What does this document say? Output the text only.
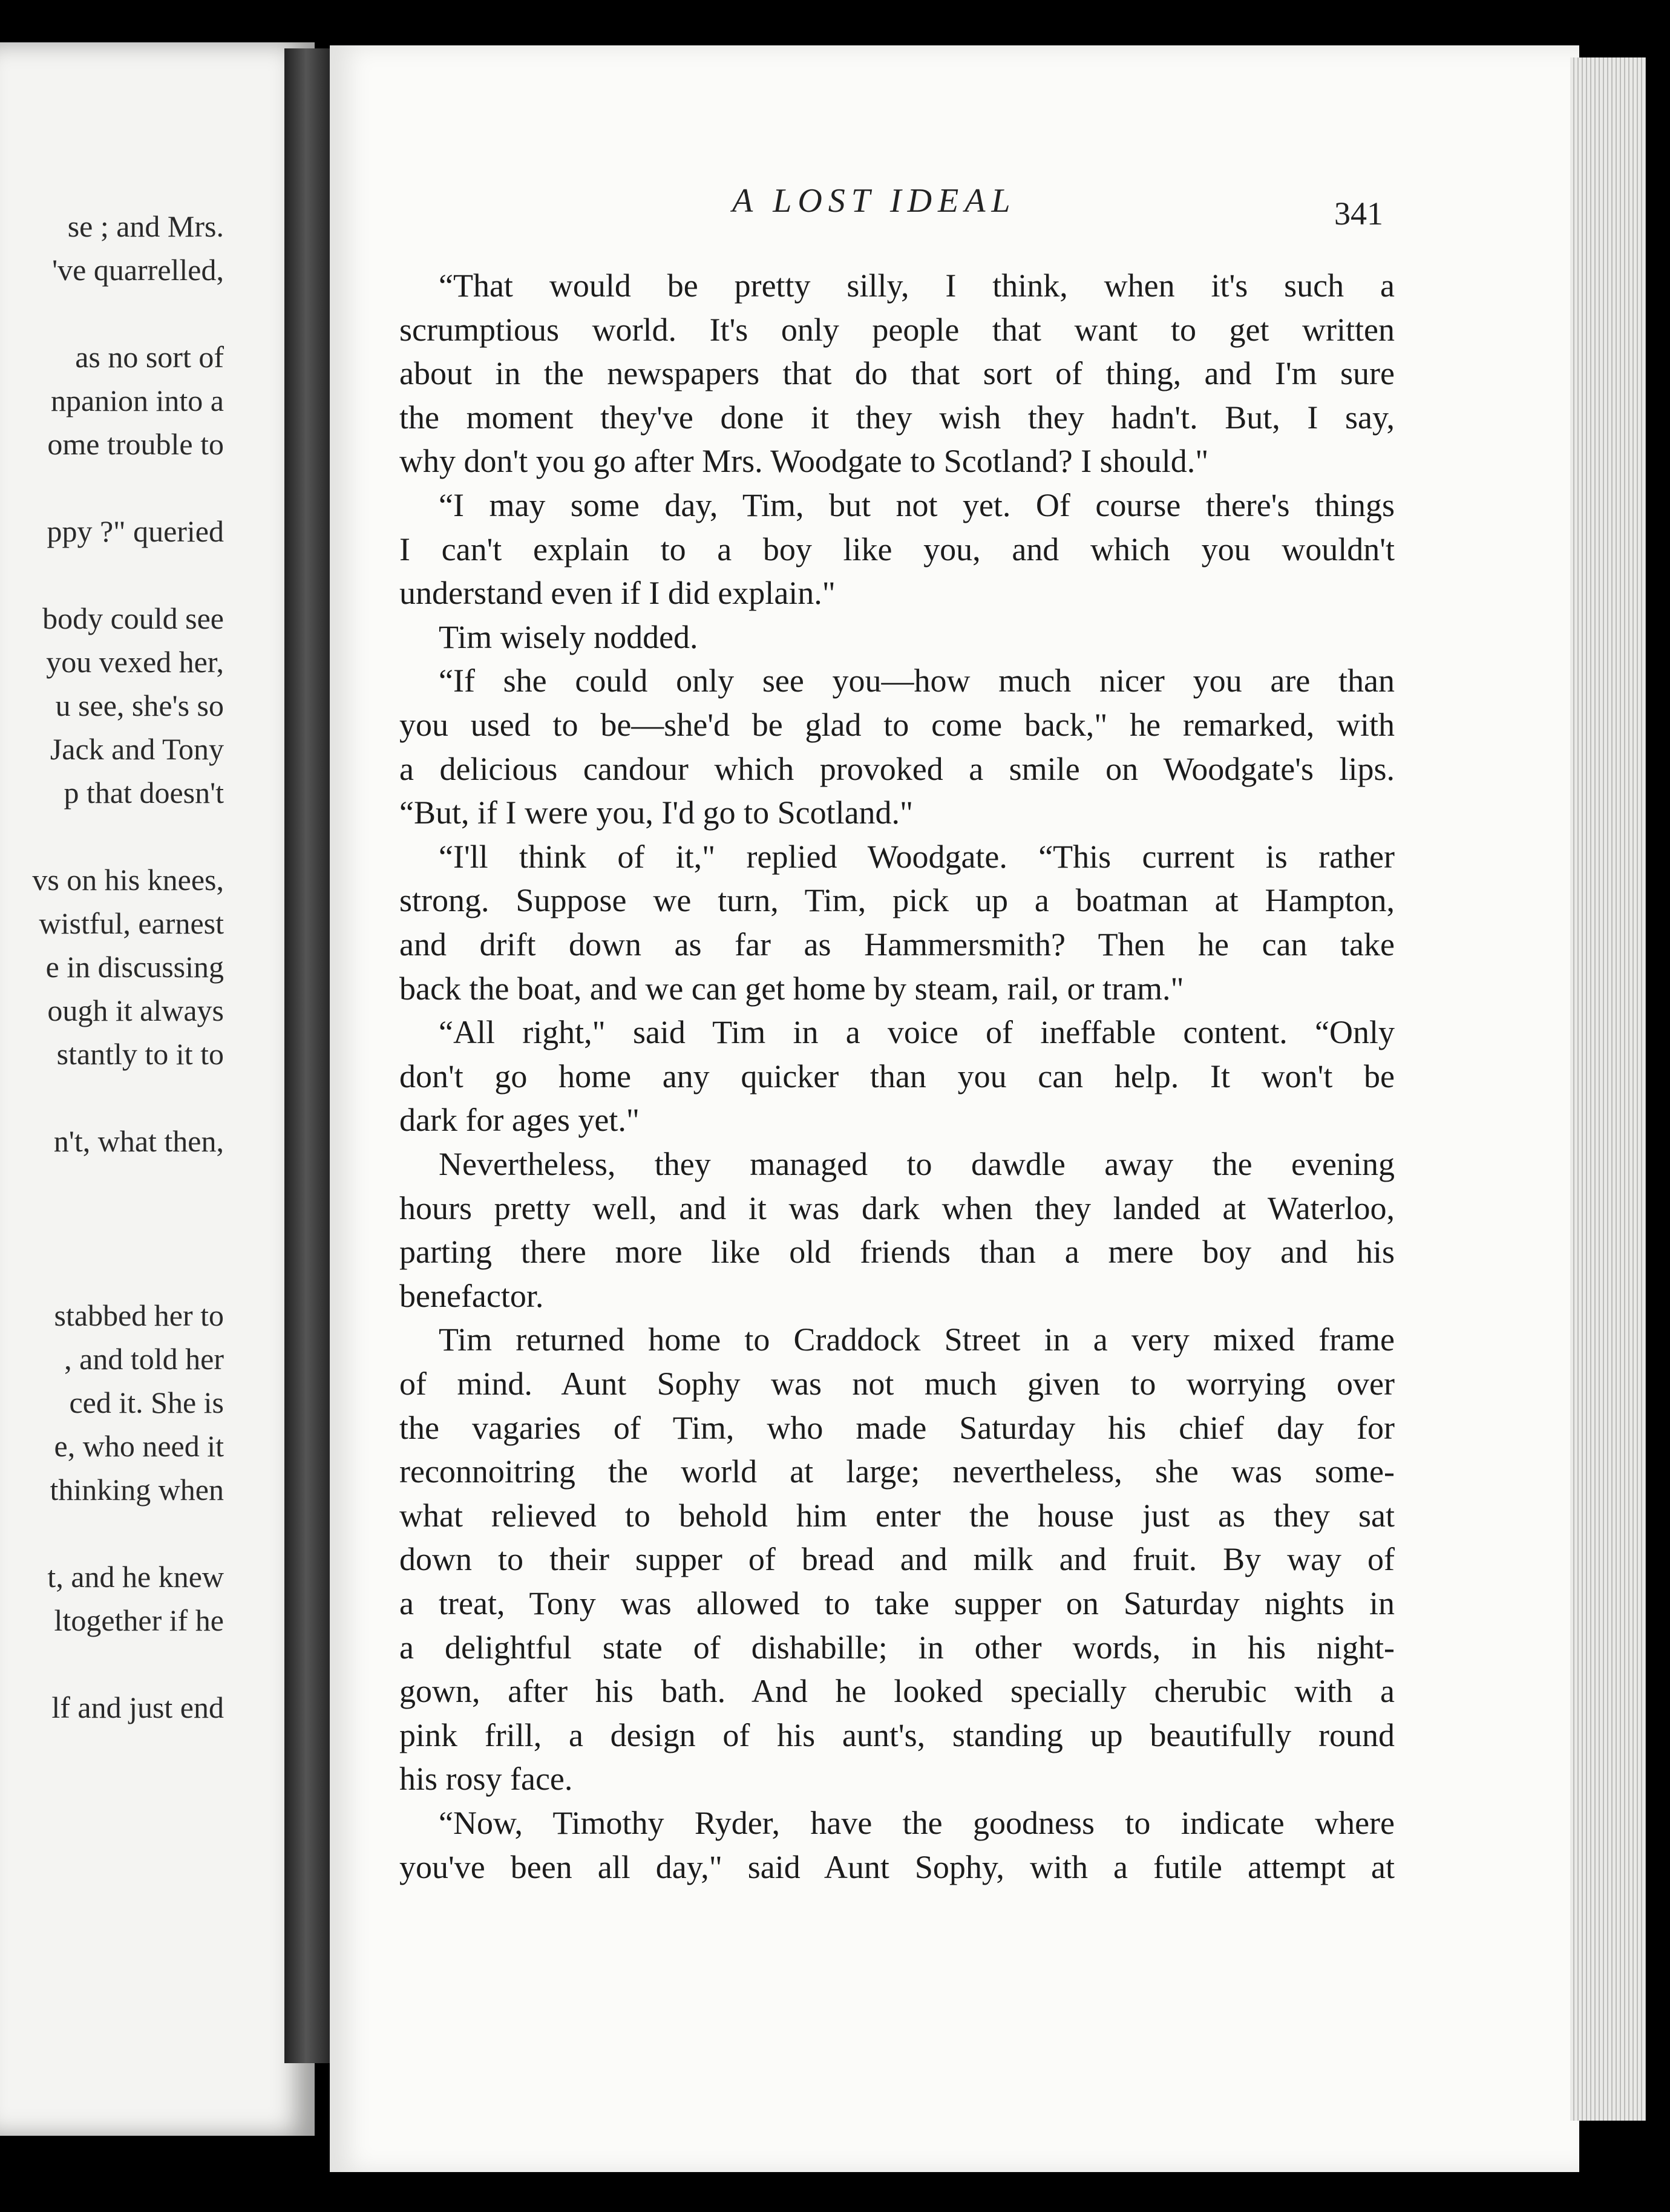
se ; and Mrs.
've quarrelled,
as no sort of
npanion into a
ome trouble to
ppy ?" queried
body could see
you vexed her,
u see, she's so
Jack and Tony
p that doesn't
vs on his knees,
wistful, earnest
e in discussing
ough it always
stantly to it to
n't, what then,
stabbed her to
, and told her
ced it. She is
e, who need it
thinking when
t, and he knew
ltogether if he
lf and just end
A LOST IDEAL	341
“That would be pretty silly, I think, when it's such a
scrumptious world. It's only people that want to get written
about in the newspapers that do that sort of thing, and I'm sure
the moment they've done it they wish they hadn't. But, I say,
why don't you go after Mrs. Woodgate to Scotland? I should."
“I may some day, Tim, but not yet. Of course there's things
I can't explain to a boy like you, and which you wouldn't
understand even if I did explain."
Tim wisely nodded.
“If she could only see you—how much nicer you are than
you used to be—she'd be glad to come back," he remarked, with
a delicious candour which provoked a smile on Woodgate's lips.
“But, if I were you, I'd go to Scotland."
“I'll think of it," replied Woodgate. “This current is rather
strong. Suppose we turn, Tim, pick up a boatman at Hampton,
and drift down as far as Hammersmith? Then he can take
back the boat, and we can get home by steam, rail, or tram."
“All right," said Tim in a voice of ineffable content. “Only
don't go home any quicker than you can help. It won't be
dark for ages yet."
Nevertheless, they managed to dawdle away the evening
hours pretty well, and it was dark when they landed at Waterloo,
parting there more like old friends than a mere boy and his
benefactor.
Tim returned home to Craddock Street in a very mixed frame
of mind. Aunt Sophy was not much given to worrying over
the vagaries of Tim, who made Saturday his chief day for
reconnoitring the world at large; nevertheless, she was some-
what relieved to behold him enter the house just as they sat
down to their supper of bread and milk and fruit. By way of
a treat, Tony was allowed to take supper on Saturday nights in
a delightful state of dishabille; in other words, in his night-
gown, after his bath. And he looked specially cherubic with a
pink frill, a design of his aunt's, standing up beautifully round
his rosy face.
“Now, Timothy Ryder, have the goodness to indicate where
you've been all day," said Aunt Sophy, with a futile attempt at
